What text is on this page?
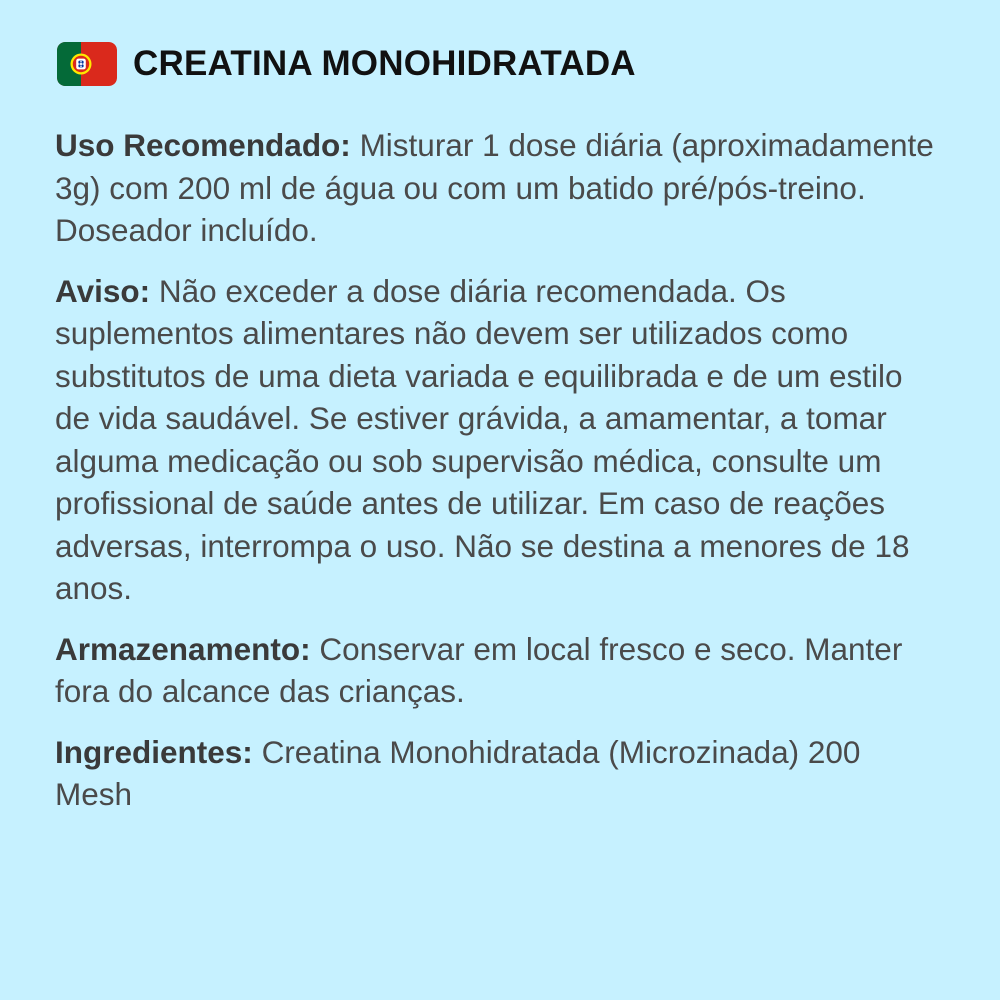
CREATINA MONOHIDRATADA

Uso Recomendado: Misturar 1 dose diária (aproximadamente 3g) com 200 ml de água ou com um batido pré/pós-treino. Doseador incluído.

Aviso: Não exceder a dose diária recomendada. Os suplementos alimentares não devem ser utilizados como substitutos de uma dieta variada e equilibrada e de um estilo de vida saudável. Se estiver grávida, a amamentar, a tomar alguma medicação ou sob supervisão médica, consulte um profissional de saúde antes de utilizar. Em caso de reações adversas, interrompa o uso. Não se destina a menores de 18 anos.

Armazenamento: Conservar em local fresco e seco. Manter fora do alcance das crianças.

Ingredientes: Creatina Monohidratada (Microzinada) 200 Mesh
